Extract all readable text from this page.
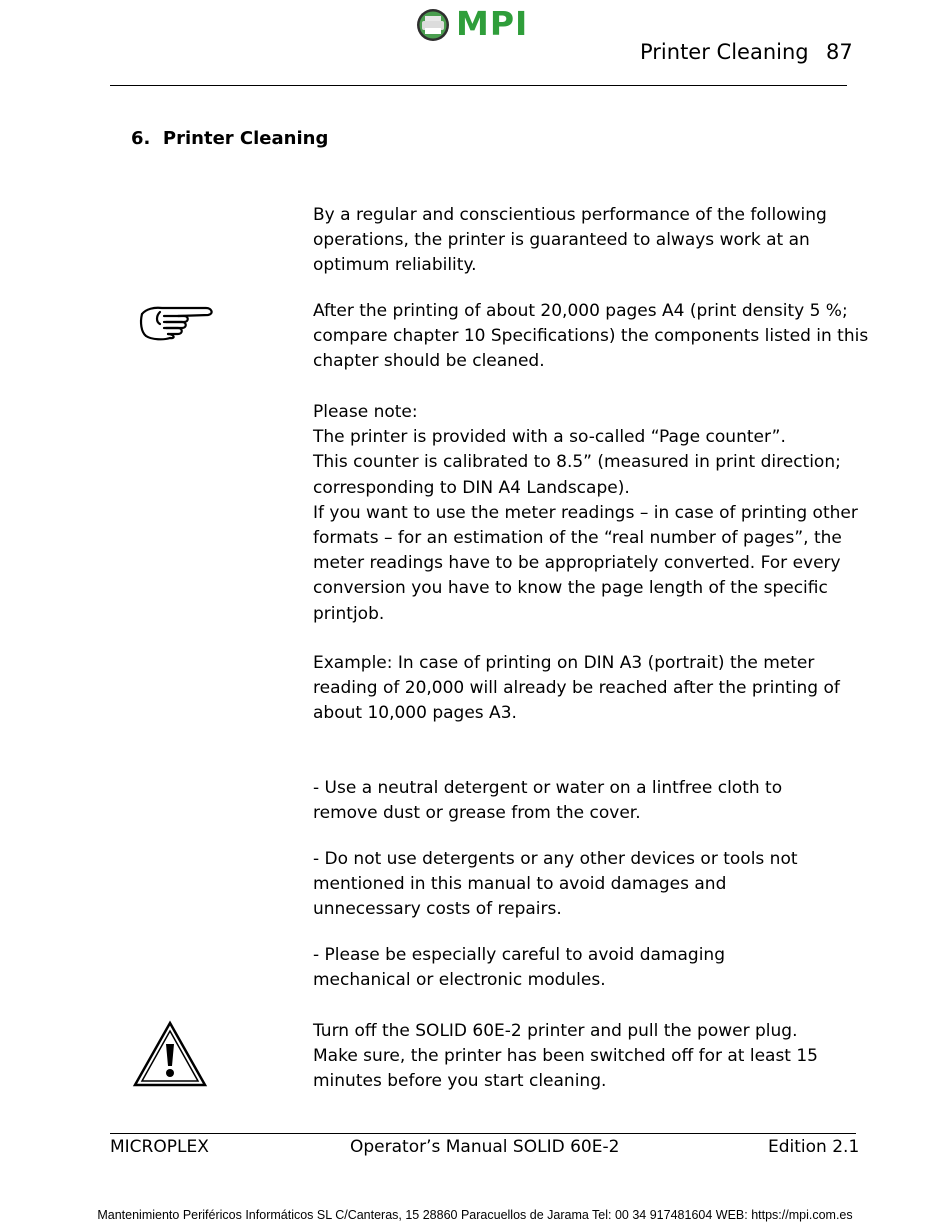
MPI
Printer Cleaning 87
6. Printer Cleaning
By a regular and conscientious performance of the following
operations, the printer is guaranteed to always work at an
optimum reliability.
After the printing of about 20,000 pages A4 (print density 5 %;
compare chapter 10 Specifications) the components listed in this
chapter should be cleaned.
Please note:
The printer is provided with a so-called “Page counter”.
This counter is calibrated to 8.5” (measured in print direction;
corresponding to DIN A4 Landscape).
If you want to use the meter readings – in case of printing other
formats – for an estimation of the “real number of pages”, the
meter readings have to be appropriately converted. For every
conversion you have to know the page length of the specific
printjob.
Example: In case of printing on DIN A3 (portrait) the meter
reading of 20,000 will already be reached after the printing of
about 10,000 pages A3.
- Use a neutral detergent or water on a lintfree cloth to
remove dust or grease from the cover.
- Do not use detergents or any other devices or tools not
mentioned in this manual to avoid damages and
unnecessary costs of repairs.
- Please be especially careful to avoid damaging
mechanical or electronic modules.
Turn off the SOLID 60E-2 printer and pull the power plug.
Make sure, the printer has been switched off for at least 15
minutes before you start cleaning.
MICROPLEX	Operator’s Manual SOLID 60E-2	Edition 2.1
Mantenimiento Periféricos Informáticos SL C/Canteras, 15 28860 Paracuellos de Jarama Tel: 00 34 917481604 WEB: https://mpi.com.es
